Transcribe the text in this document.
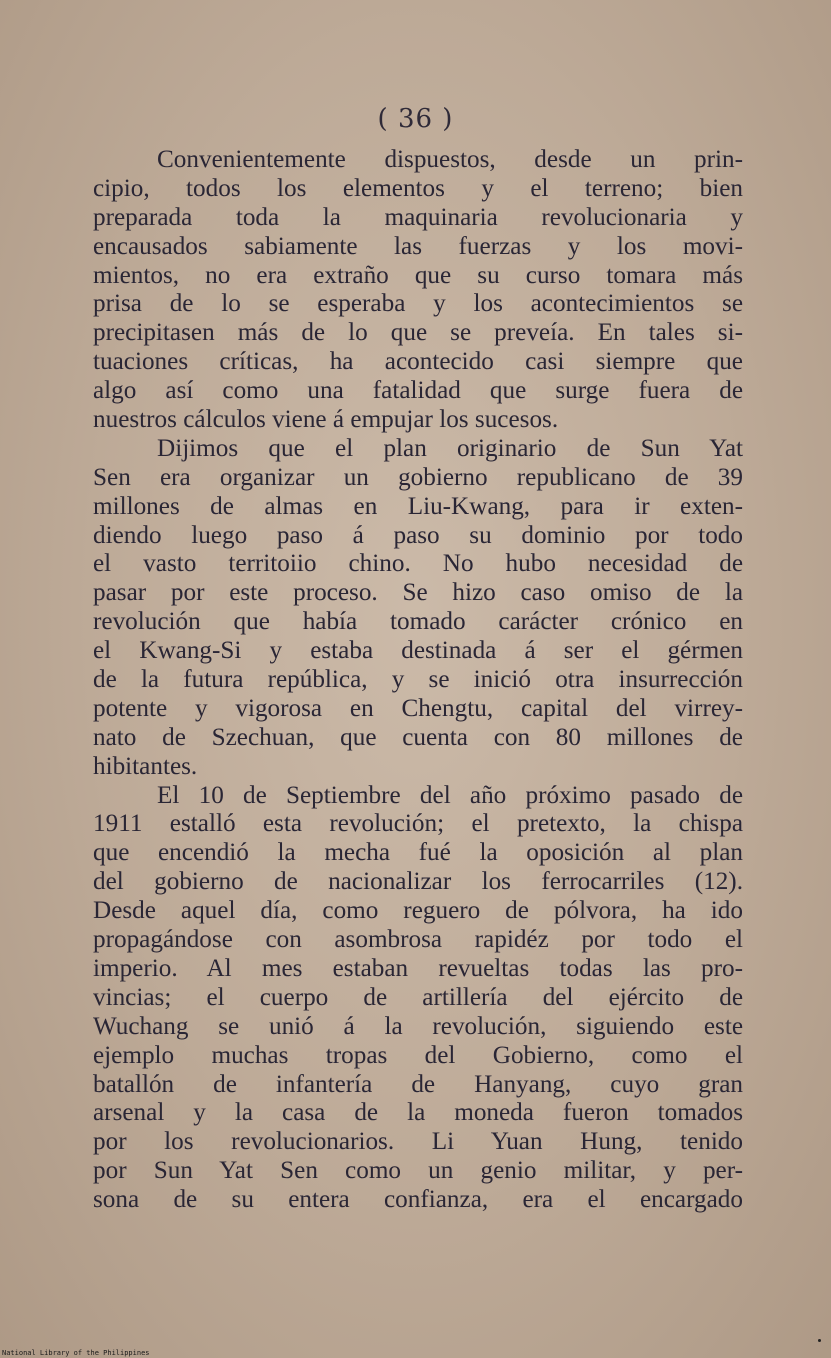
( 36 )
Convenientemente dispuestos, desde un prin-
cipio, todos los elementos y el terreno; bien
preparada toda la maquinaria revolucionaria y
encausados sabiamente las fuerzas y los movi-
mientos, no era extraño que su curso tomara más
prisa de lo se esperaba y los acontecimientos se
precipitasen más de lo que se preveía. En tales si-
tuaciones críticas, ha acontecido casi siempre que
algo así como una fatalidad que surge fuera de
nuestros cálculos viene á empujar los sucesos.
Dijimos que el plan originario de Sun Yat
Sen era organizar un gobierno republicano de 39
millones de almas en Liu-Kwang, para ir exten-
diendo luego paso á paso su dominio por todo
el vasto territoiio chino. No hubo necesidad de
pasar por este proceso. Se hizo caso omiso de la
revolución que había tomado carácter crónico en
el Kwang-Si y estaba destinada á ser el gérmen
de la futura república, y se inició otra insurrección
potente y vigorosa en Chengtu, capital del virrey-
nato de Szechuan, que cuenta con 80 millones de
hibitantes.
El 10 de Septiembre del año próximo pasado de
1911 estalló esta revolución; el pretexto, la chispa
que encendió la mecha fué la oposición al plan
del gobierno de nacionalizar los ferrocarriles (12).
Desde aquel día, como reguero de pólvora, ha ido
propagándose con asombrosa rapidéz por todo el
imperio. Al mes estaban revueltas todas las pro-
vincias; el cuerpo de artillería del ejército de
Wuchang se unió á la revolución, siguiendo este
ejemplo muchas tropas del Gobierno, como el
batallón de infantería de Hanyang, cuyo gran
arsenal y la casa de la moneda fueron tomados
por los revolucionarios. Li Yuan Hung, tenido
por Sun Yat Sen como un genio militar, y per-
sona de su entera confianza, era el encargado
National Library of the Philippines
